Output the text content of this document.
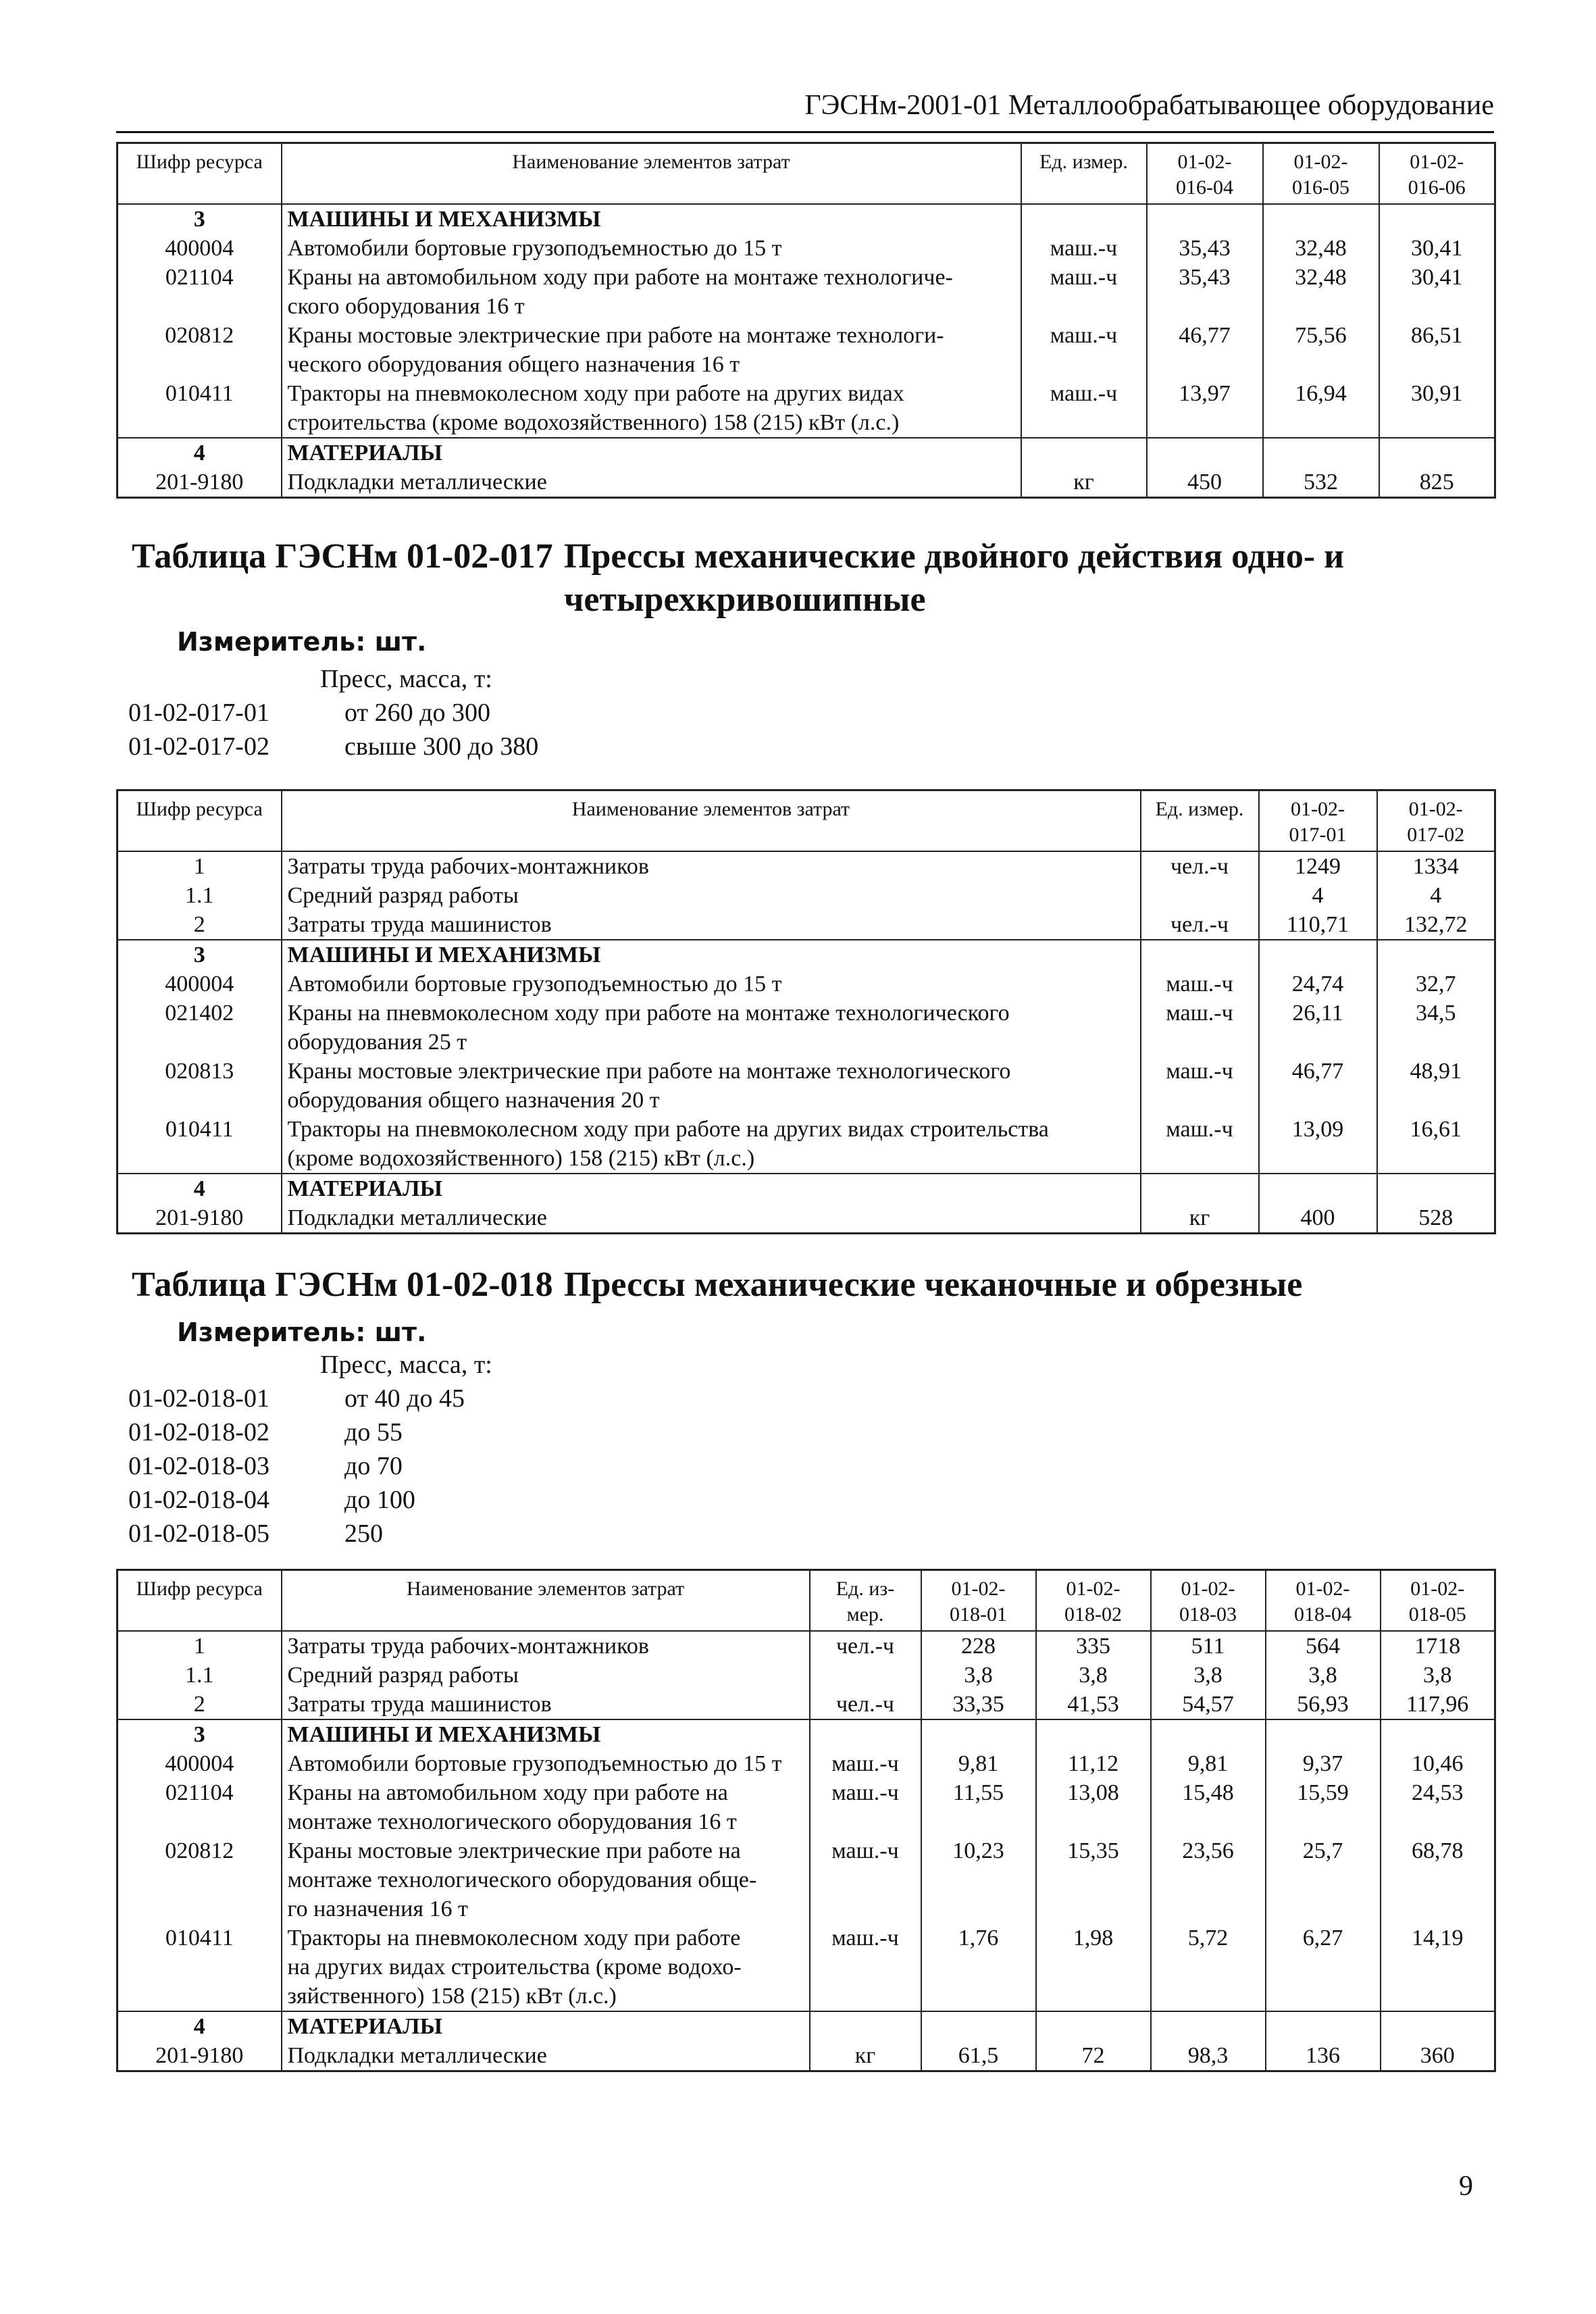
ГЭСНм-2001-01 Металлообрабатывающее оборудование
Шифр ресурса	Наименование элементов затрат	Ед. измер.	01-02-
016-04	01-02-
016-05	01-02-
016-06
3	МАШИНЫ И МЕХАНИЗМЫ				
400004	Автомобили бортовые грузоподъемностью до 15 т	маш.-ч	35,43	32,48	30,41
021104	Краны на автомобильном ходу при работе на монтаже технологиче-
ского оборудования 16 т	маш.-ч	35,43	32,48	30,41
020812	Краны мостовые электрические при работе на монтаже технологи-
ческого оборудования общего назначения 16 т	маш.-ч	46,77	75,56	86,51
010411	Тракторы на пневмоколесном ходу при работе на других видах
строительства (кроме водохозяйственного) 158 (215) кВт (л.с.)	маш.-ч	13,97	16,94	30,91
4	МАТЕРИАЛЫ				
201-9180	Подкладки металлические	кг	450	532	825
Таблица ГЭСНм 01-02-017 Прессы механические двойного действия одно- и четырехкривошипные
Измеритель: шт.
Пресс, масса, т:
01-02-017-01	от 260 до 300
01-02-017-02	свыше 300 до 380
Шифр ресурса	Наименование элементов затрат	Ед. измер.	01-02-
017-01	01-02-
017-02
1	Затраты труда рабочих-монтажников	чел.-ч	1249	1334
1.1	Средний разряд работы		4	4
2	Затраты труда машинистов	чел.-ч	110,71	132,72
3	МАШИНЫ И МЕХАНИЗМЫ			
400004	Автомобили бортовые грузоподъемностью до 15 т	маш.-ч	24,74	32,7
021402	Краны на пневмоколесном ходу при работе на монтаже технологического
оборудования 25 т	маш.-ч	26,11	34,5
020813	Краны мостовые электрические при работе на монтаже технологического
оборудования общего назначения 20 т	маш.-ч	46,77	48,91
010411	Тракторы на пневмоколесном ходу при работе на других видах строительства
(кроме водохозяйственного) 158 (215) кВт (л.с.)	маш.-ч	13,09	16,61
4	МАТЕРИАЛЫ			
201-9180	Подкладки металлические	кг	400	528
Таблица ГЭСНм 01-02-018 Прессы механические чеканочные и обрезные
Измеритель: шт.
Пресс, масса, т:
01-02-018-01	от 40 до 45
01-02-018-02	до 55
01-02-018-03	до 70
01-02-018-04	до 100
01-02-018-05	250
Шифр ресурса	Наименование элементов затрат	Ед. из-
мер.	01-02-
018-01	01-02-
018-02	01-02-
018-03	01-02-
018-04	01-02-
018-05
1	Затраты труда рабочих-монтажников	чел.-ч	228	335	511	564	1718
1.1	Средний разряд работы		3,8	3,8	3,8	3,8	3,8
2	Затраты труда машинистов	чел.-ч	33,35	41,53	54,57	56,93	117,96
3	МАШИНЫ И МЕХАНИЗМЫ						
400004	Автомобили бортовые грузоподъемностью до 15 т	маш.-ч	9,81	11,12	9,81	9,37	10,46
021104	Краны на автомобильном ходу при работе на
монтаже технологического оборудования 16 т	маш.-ч	11,55	13,08	15,48	15,59	24,53
020812	Краны мостовые электрические при работе на
монтаже технологического оборудования обще-
го назначения 16 т	маш.-ч	10,23	15,35	23,56	25,7	68,78
010411	Тракторы на пневмоколесном ходу при работе
на других видах строительства (кроме водохо-
зяйственного) 158 (215) кВт (л.с.)	маш.-ч	1,76	1,98	5,72	6,27	14,19
4	МАТЕРИАЛЫ						
201-9180	Подкладки металлические	кг	61,5	72	98,3	136	360
9
